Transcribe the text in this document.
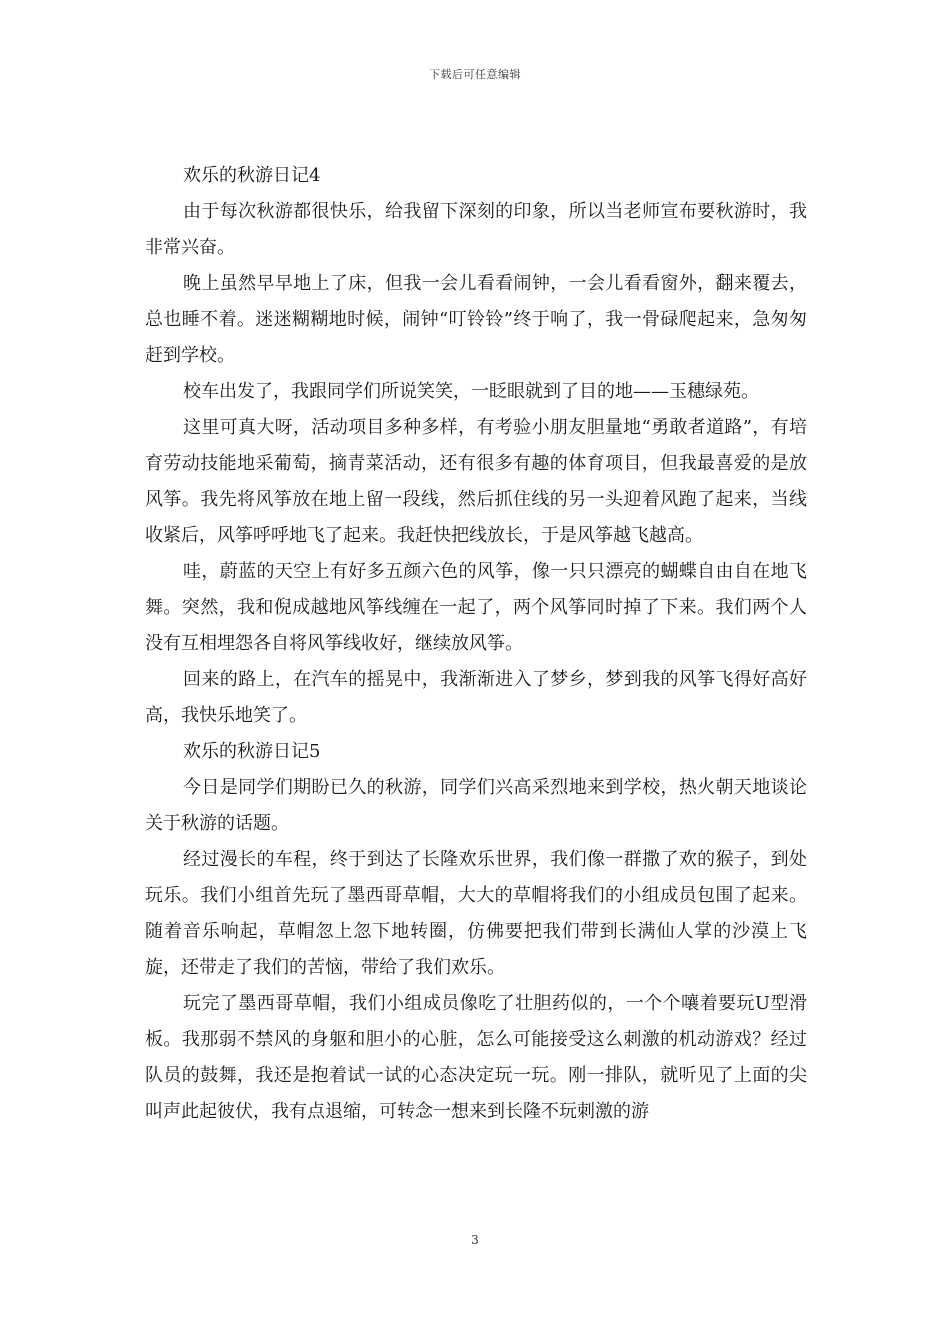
下载后可任意编辑

欢乐的秋游日记4

由于每次秋游都很快乐，给我留下深刻的印象，所以当老师宣布要秋游时，我非常兴奋。

晚上虽然早早地上了床，但我一会儿看看闹钟，一会儿看看窗外，翻来覆去，总也睡不着。迷迷糊糊地时候，闹钟“叮铃铃”终于响了，我一骨碌爬起来，急匆匆赶到学校。

校车出发了，我跟同学们所说笑笑，一眨眼就到了目的地——玉穗绿苑。

这里可真大呀，活动项目多种多样，有考验小朋友胆量地“勇敢者道路”，有培育劳动技能地采葡萄，摘青菜活动，还有很多有趣的体育项目，但我最喜爱的是放风筝。我先将风筝放在地上留一段线，然后抓住线的另一头迎着风跑了起来，当线收紧后，风筝呼呼地飞了起来。我赶快把线放长，于是风筝越飞越高。

哇，蔚蓝的天空上有好多五颜六色的风筝，像一只只漂亮的蝴蝶自由自在地飞舞。突然，我和倪成越地风筝线缠在一起了，两个风筝同时掉了下来。我们两个人没有互相埋怨各自将风筝线收好，继续放风筝。

回来的路上，在汽车的摇晃中，我渐渐进入了梦乡，梦到我的风筝飞得好高好高，我快乐地笑了。

欢乐的秋游日记5

今日是同学们期盼已久的秋游，同学们兴高采烈地来到学校，热火朝天地谈论关于秋游的话题。

经过漫长的车程，终于到达了长隆欢乐世界，我们像一群撒了欢的猴子，到处玩乐。我们小组首先玩了墨西哥草帽，大大的草帽将我们的小组成员包围了起来。随着音乐响起，草帽忽上忽下地转圈，仿佛要把我们带到长满仙人掌的沙漠上飞旋，还带走了我们的苦恼，带给了我们欢乐。

玩完了墨西哥草帽，我们小组成员像吃了壮胆药似的，一个个嚷着要玩U型滑板。我那弱不禁风的身躯和胆小的心脏，怎么可能接受这么刺激的机动游戏？经过队员的鼓舞，我还是抱着试一试的心态决定玩一玩。刚一排队，就听见了上面的尖叫声此起彼伏，我有点退缩，可转念一想来到长隆不玩刺激的游

3
